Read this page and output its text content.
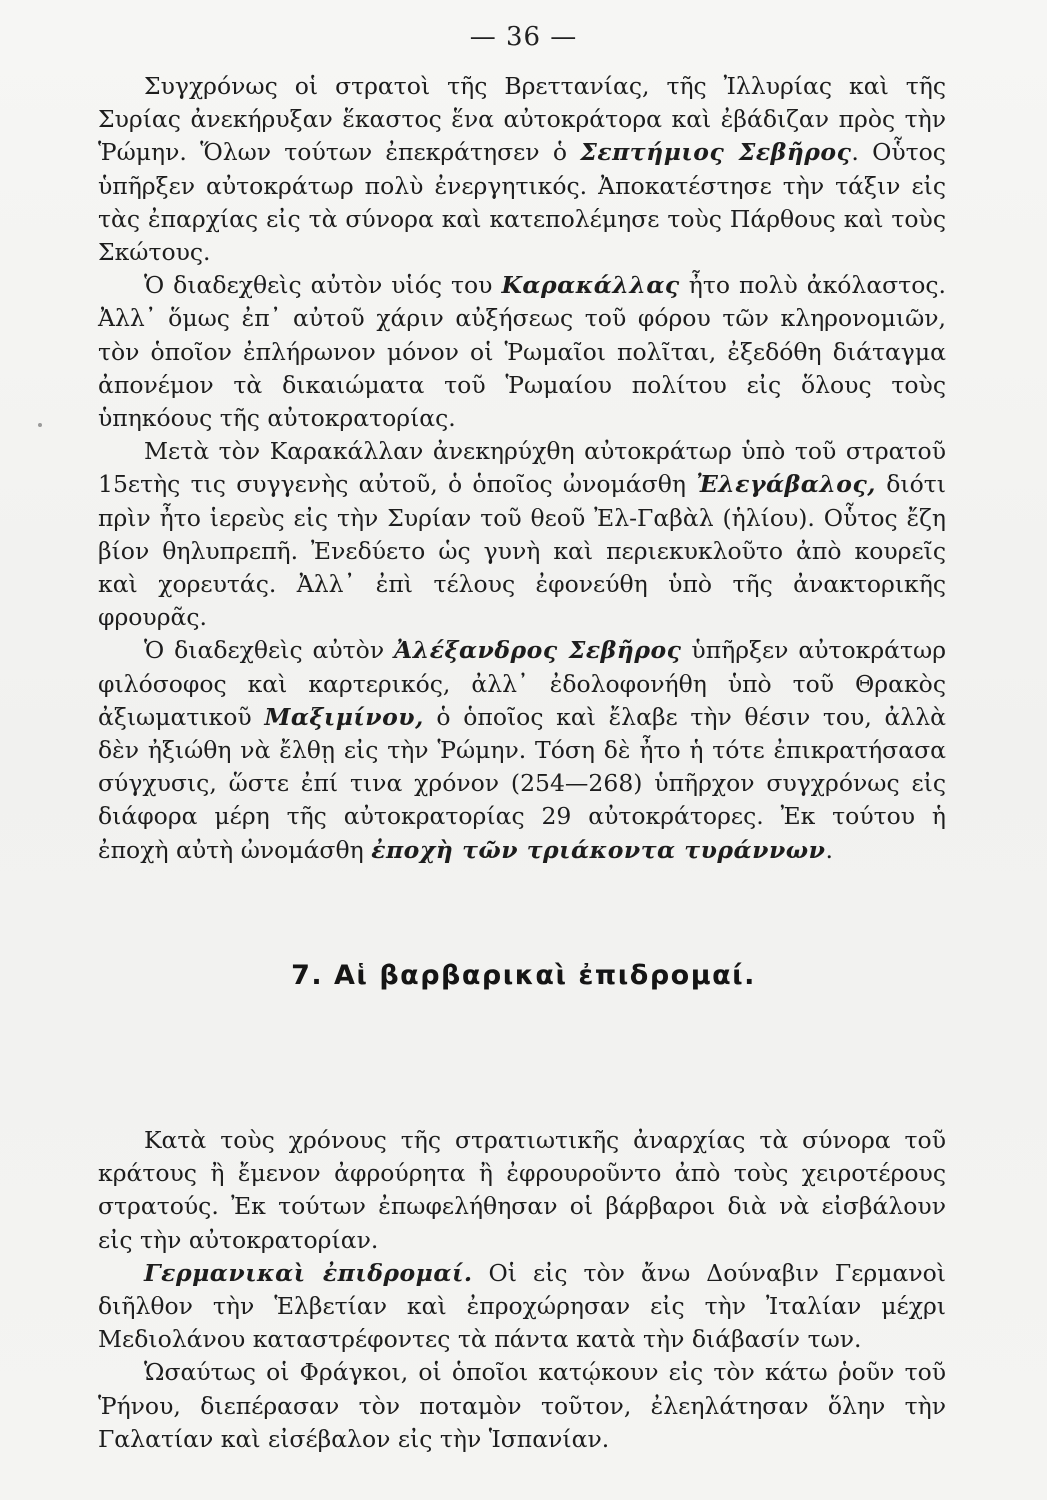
— 36 —

Συγχρόνως οἱ στρατοὶ τῆς Βρεττανίας, τῆς Ἰλλυρίας καὶ τῆς Συρίας ἀνεκήρυξαν ἕκαστος ἕνα αὐτοκράτορα καὶ ἐβάδιζαν πρὸς τὴν Ῥώμην. Ὅλων τούτων ἐπεκράτησεν ὁ Σεπτήμιος Σεβῆρος. Οὗτος ὑπῆρξεν αὐτοκράτωρ πολὺ ἐνεργητικός. Ἀποκατέστησε τὴν τάξιν εἰς τὰς ἐπαρχίας εἰς τὰ σύνορα καὶ κατεπολέμησε τοὺς Πάρθους καὶ τοὺς Σκώτους.

Ὁ διαδεχθεὶς αὐτὸν υἱός του Καρακάλλας ἦτο πολὺ ἀκόλαστος. Ἀλλ᾽ ὅμως ἐπ᾽ αὐτοῦ χάριν αὐξήσεως τοῦ φόρου τῶν κληρονομιῶν, τὸν ὁποῖον ἐπλήρωνον μόνον οἱ Ῥωμαῖοι πολῖται, ἐξεδόθη διάταγμα ἀπονέμον τὰ δικαιώματα τοῦ Ῥωμαίου πολίτου εἰς ὅλους τοὺς ὑπηκόους τῆς αὐτοκρατορίας.

Μετὰ τὸν Καρακάλλαν ἀνεκηρύχθη αὐτοκράτωρ ὑπὸ τοῦ στρατοῦ 15ετὴς τις συγγενὴς αὐτοῦ, ὁ ὁποῖος ὠνομάσθη Ἐλεγάβαλος, διότι πρὶν ἦτο ἱερεὺς εἰς τὴν Συρίαν τοῦ θεοῦ Ἐλ-Γαβὰλ (ἡλίου). Οὗτος ἔζη βίον θηλυπρεπῆ. Ἐνεδύετο ὡς γυνὴ καὶ περιεκυκλοῦτο ἀπὸ κουρεῖς καὶ χορευτάς. Ἀλλ᾽ ἐπὶ τέλους ἐφονεύθη ὑπὸ τῆς ἀνακτορικῆς φρουρᾶς.

Ὁ διαδεχθεὶς αὐτὸν Ἀλέξανδρος Σεβῆρος ὑπῆρξεν αὐτοκράτωρ φιλόσοφος καὶ καρτερικός, ἀλλ᾽ ἐδολοφονήθη ὑπὸ τοῦ Θρακὸς ἀξιωματικοῦ Μαξιμίνου, ὁ ὁποῖος καὶ ἔλαβε τὴν θέσιν του, ἀλλὰ δὲν ἠξιώθη νὰ ἔλθῃ εἰς τὴν Ῥώμην. Τόση δὲ ἦτο ἡ τότε ἐπικρατήσασα σύγχυσις, ὥστε ἐπί τινα χρόνον (254—268) ὑπῆρχον συγχρόνως εἰς διάφορα μέρη τῆς αὐτοκρατορίας 29 αὐτοκράτορες. Ἐκ τούτου ἡ ἐποχὴ αὐτὴ ὠνομάσθη ἐποχὴ τῶν τριάκοντα τυράννων.

7. Αἱ βαρβαρικαὶ ἐπιδρομαί.

Κατὰ τοὺς χρόνους τῆς στρατιωτικῆς ἀναρχίας τὰ σύνορα τοῦ κράτους ἢ ἔμενον ἀφρούρητα ἢ ἐφρουροῦντο ἀπὸ τοὺς χειροτέρους στρατούς. Ἐκ τούτων ἐπωφελήθησαν οἱ βάρβαροι διὰ νὰ εἰσβάλουν εἰς τὴν αὐτοκρατορίαν.

Γερμανικαὶ ἐπιδρομαί. Οἱ εἰς τὸν ἄνω Δούναβιν Γερμανοὶ διῆλθον τὴν Ἑλβετίαν καὶ ἐπροχώρησαν εἰς τὴν Ἰταλίαν μέχρι Μεδιολάνου καταστρέφοντες τὰ πάντα κατὰ τὴν διάβασίν των.

Ὡσαύτως οἱ Φράγκοι, οἱ ὁποῖοι κατῴκουν εἰς τὸν κάτω ῥοῦν τοῦ Ῥήνου, διεπέρασαν τὸν ποταμὸν τοῦτον, ἐλεηλάτησαν ὅλην τὴν Γαλατίαν καὶ εἰσέβαλον εἰς τὴν Ἱσπανίαν.
